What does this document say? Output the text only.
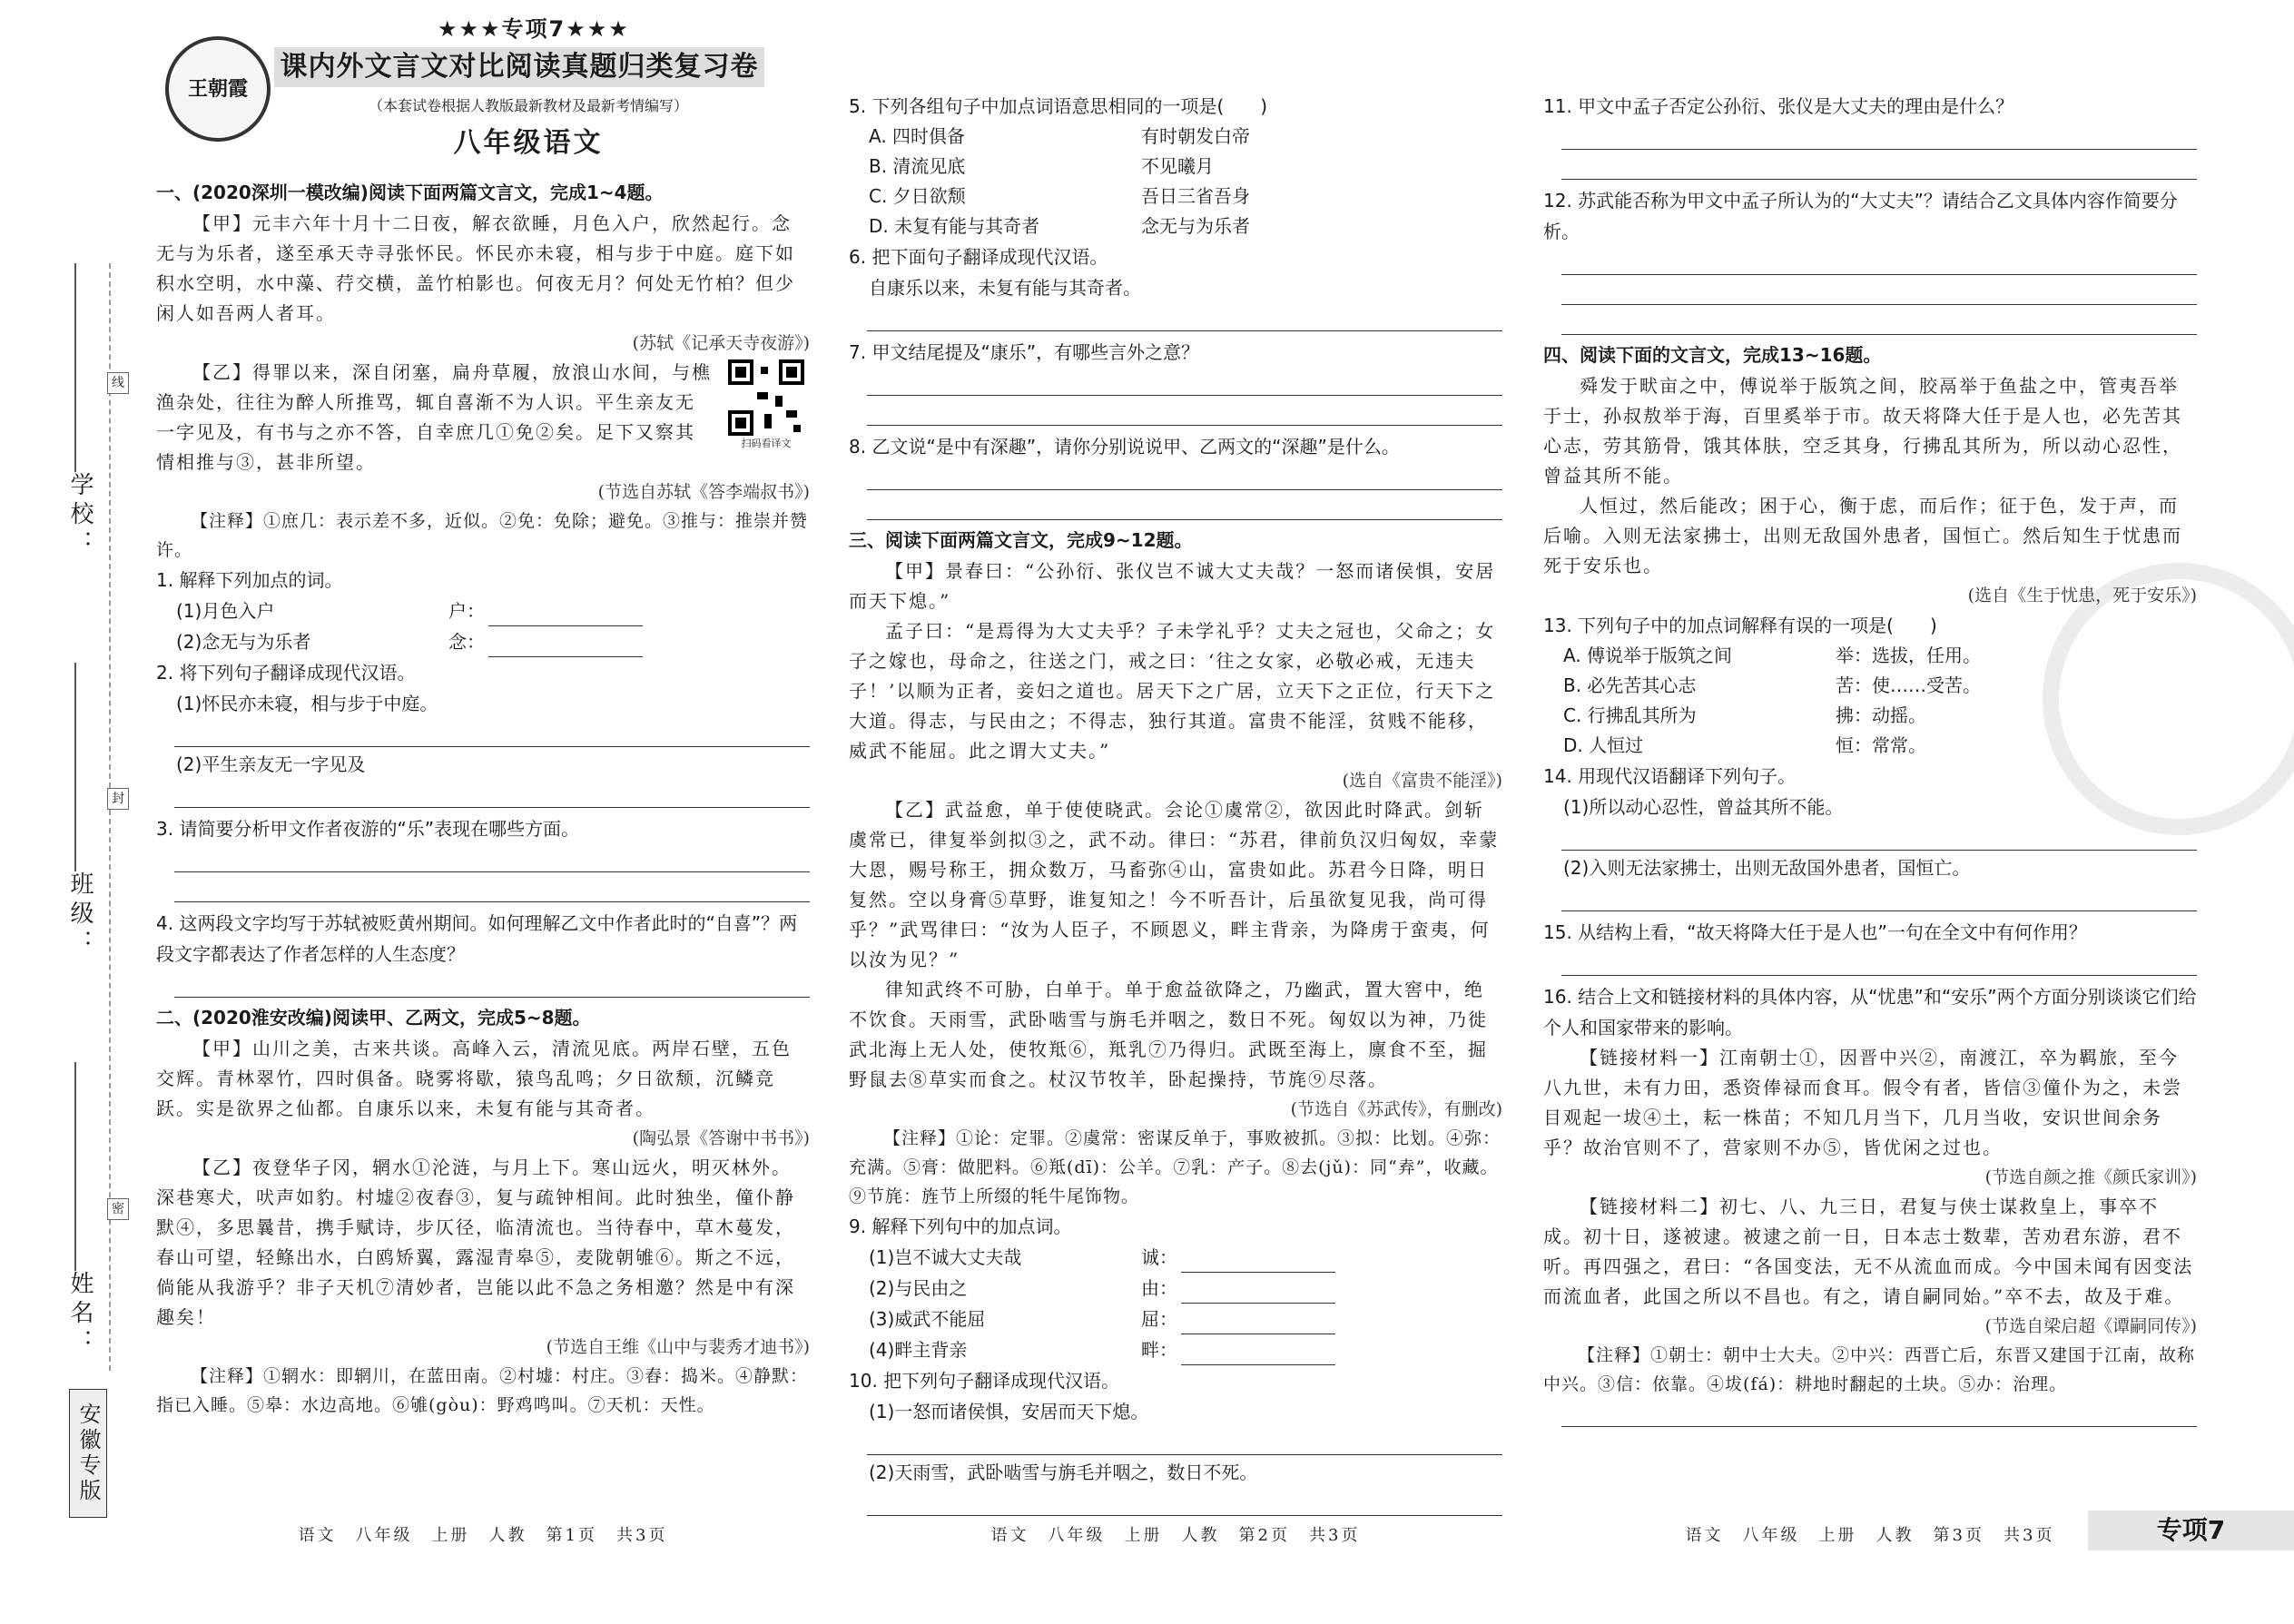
学校：
班级：
姓名：
线
封
密
安徽专版
王朝霞
★★★专项7★★★
课内外文言文对比阅读真题归类复习卷
（本套试卷根据人教版最新教材及最新考情编写）
八年级语文

一、(2020深圳一模改编)阅读下面两篇文言文，完成1~4题。

【甲】元丰六年十月十二日夜，解衣欲睡，月色入户，欣然起行。念无与为乐者，遂至承天寺寻张怀民。怀民亦未寝，相与步于中庭。庭下如积水空明，水中藻、荇交横，盖竹柏影也。何夜无月？何处无竹柏？但少闲人如吾两人者耳。

(苏轼《记承天寺夜游》)

扫码看译文

【乙】得罪以来，深自闭塞，扁舟草履，放浪山水间，与樵渔杂处，往往为醉人所推骂，辄自喜渐不为人识。平生亲友无一字见及，有书与之亦不答，自幸庶几①免②矣。足下又察其情相推与③，甚非所望。

(节选自苏轼《答李端叔书》)

【注释】①庶几：表示差不多，近似。②免：免除；避免。③推与：推崇并赞许。

1. 解释下列加点的词。

(1)月色入户	户：
(2)念无与为乐者	念：

2. 将下列句子翻译成现代汉语。

(1)怀民亦未寝，相与步于中庭。

(2)平生亲友无一字见及

3. 请简要分析甲文作者夜游的“乐”表现在哪些方面。

4. 这两段文字均写于苏轼被贬黄州期间。如何理解乙文中作者此时的“自喜”？两段文字都表达了作者怎样的人生态度？

二、(2020淮安改编)阅读甲、乙两文，完成5~8题。

【甲】山川之美，古来共谈。高峰入云，清流见底。两岸石壁，五色交辉。青林翠竹，四时俱备。晓雾将歇，猿鸟乱鸣；夕日欲颓，沉鳞竞跃。实是欲界之仙都。自康乐以来，未复有能与其奇者。

(陶弘景《答谢中书书》)

【乙】夜登华子冈，辋水①沦涟，与月上下。寒山远火，明灭林外。深巷寒犬，吠声如豹。村墟②夜舂③，复与疏钟相间。此时独坐，僮仆静默④，多思曩昔，携手赋诗，步仄径，临清流也。当待春中，草木蔓发，春山可望，轻鲦出水，白鸥矫翼，露湿青皋⑤，麦陇朝雊⑥。斯之不远，倘能从我游乎？非子天机⑦清妙者，岂能以此不急之务相邀？然是中有深趣矣！

(节选自王维《山中与裴秀才迪书》)

【注释】①辋水：即辋川，在蓝田南。②村墟：村庄。③舂：捣米。④静默：指已入睡。⑤皋：水边高地。⑥雊(gòu)：野鸡鸣叫。⑦天机：天性。

语文　八年级　上册　人教　第1页　共3页

5. 下列各组句子中加点词语意思相同的一项是(　　)

A. 四时俱备	有时朝发白帝
B. 清流见底	不见曦月
C. 夕日欲颓	吾日三省吾身
D. 未复有能与其奇者	念无与为乐者

6. 把下面句子翻译成现代汉语。

自康乐以来，未复有能与其奇者。

7. 甲文结尾提及“康乐”，有哪些言外之意？

8. 乙文说“是中有深趣”，请你分别说说甲、乙两文的“深趣”是什么。

三、阅读下面两篇文言文，完成9~12题。

【甲】景春曰：“公孙衍、张仪岂不诚大丈夫哉？一怒而诸侯惧，安居而天下熄。”

孟子曰：“是焉得为大丈夫乎？子未学礼乎？丈夫之冠也，父命之；女子之嫁也，母命之，往送之门，戒之曰：‘往之女家，必敬必戒，无违夫子！’以顺为正者，妾妇之道也。居天下之广居，立天下之正位，行天下之大道。得志，与民由之；不得志，独行其道。富贵不能淫，贫贱不能移，威武不能屈。此之谓大丈夫。”

(选自《富贵不能淫》)

【乙】武益愈，单于使使晓武。会论①虞常②，欲因此时降武。剑斩虞常已，律复举剑拟③之，武不动。律曰：“苏君，律前负汉归匈奴，幸蒙大恩，赐号称王，拥众数万，马畜弥④山，富贵如此。苏君今日降，明日复然。空以身膏⑤草野，谁复知之！今不听吾计，后虽欲复见我，尚可得乎？”武骂律曰：“汝为人臣子，不顾恩义，畔主背亲，为降虏于蛮夷，何以汝为见？”

律知武终不可胁，白单于。单于愈益欲降之，乃幽武，置大窖中，绝不饮食。天雨雪，武卧啮雪与旃毛并咽之，数日不死。匈奴以为神，乃徙武北海上无人处，使牧羝⑥，羝乳⑦乃得归。武既至海上，廪食不至，掘野鼠去⑧草实而食之。杖汉节牧羊，卧起操持，节旄⑨尽落。

(节选自《苏武传》，有删改)

【注释】①论：定罪。②虞常：密谋反单于，事败被抓。③拟：比划。④弥：充满。⑤膏：做肥料。⑥羝(dī)：公羊。⑦乳：产子。⑧去(jǔ)：同“弆”，收藏。⑨节旄：旌节上所缀的牦牛尾饰物。

9. 解释下列句中的加点词。

(1)岂不诚大丈夫哉	诚：
(2)与民由之	由：
(3)威武不能屈	屈：
(4)畔主背亲	畔：

10. 把下列句子翻译成现代汉语。

(1)一怒而诸侯惧，安居而天下熄。

(2)天雨雪，武卧啮雪与旃毛并咽之，数日不死。

语文　八年级　上册　人教　第2页　共3页

11. 甲文中孟子否定公孙衍、张仪是大丈夫的理由是什么？

12. 苏武能否称为甲文中孟子所认为的“大丈夫”？请结合乙文具体内容作简要分析。

四、阅读下面的文言文，完成13~16题。

舜发于畎亩之中，傅说举于版筑之间，胶鬲举于鱼盐之中，管夷吾举于士，孙叔敖举于海，百里奚举于市。故天将降大任于是人也，必先苦其心志，劳其筋骨，饿其体肤，空乏其身，行拂乱其所为，所以动心忍性，曾益其所不能。

人恒过，然后能改；困于心，衡于虑，而后作；征于色，发于声，而后喻。入则无法家拂士，出则无敌国外患者，国恒亡。然后知生于忧患而死于安乐也。

(选自《生于忧患，死于安乐》)

13. 下列句子中的加点词解释有误的一项是(　　)

A. 傅说举于版筑之间	举：选拔，任用。
B. 必先苦其心志	苦：使……受苦。
C. 行拂乱其所为	拂：动摇。
D. 人恒过	恒：常常。

14. 用现代汉语翻译下列句子。

(1)所以动心忍性，曾益其所不能。

(2)入则无法家拂士，出则无敌国外患者，国恒亡。

15. 从结构上看，“故天将降大任于是人也”一句在全文中有何作用？

16. 结合上文和链接材料的具体内容，从“忧患”和“安乐”两个方面分别谈谈它们给个人和国家带来的影响。

【链接材料一】江南朝士①，因晋中兴②，南渡江，卒为羁旅，至今八九世，未有力田，悉资俸禄而食耳。假令有者，皆信③僮仆为之，未尝目观起一坺④土，耘一株苗；不知几月当下，几月当收，安识世间余务乎？故治官则不了，营家则不办⑤，皆优闲之过也。

(节选自颜之推《颜氏家训》)

【链接材料二】初七、八、九三日，君复与侠士谋救皇上，事卒不成。初十日，遂被逮。被逮之前一日，日本志士数辈，苦劝君东游，君不听。再四强之，君曰：“各国变法，无不从流血而成。今中国未闻有因变法而流血者，此国之所以不昌也。有之，请自嗣同始。”卒不去，故及于难。

(节选自梁启超《谭嗣同传》)

【注释】①朝士：朝中士大夫。②中兴：西晋亡后，东晋又建国于江南，故称中兴。③信：依靠。④坺(fá)：耕地时翻起的土块。⑤办：治理。

语文　八年级　上册　人教　第3页　共3页	专项7
